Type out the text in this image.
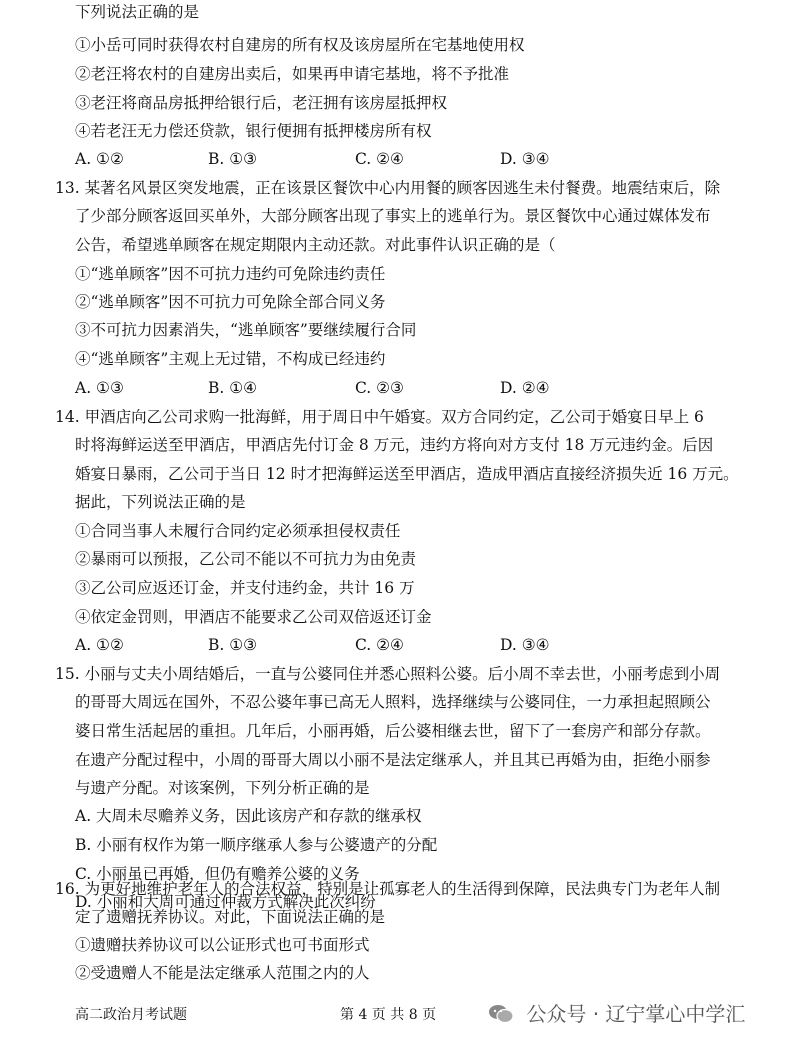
下列说法正确的是
①小岳可同时获得农村自建房的所有权及该房屋所在宅基地使用权
②老汪将农村的自建房出卖后，如果再申请宅基地，将不予批准
③老汪将商品房抵押给银行后，老汪拥有该房屋抵押权
④若老汪无力偿还贷款，银行便拥有抵押楼房所有权
A. ①②	B. ①③	C. ②④	D. ③④
13. 某著名风景区突发地震，正在该景区餐饮中心内用餐的顾客因逃生未付餐费。地震结束后，除
了少部分顾客返回买单外，大部分顾客出现了事实上的逃单行为。景区餐饮中心通过媒体发布
公告，希望逃单顾客在规定期限内主动还款。对此事件认识正确的是（
①“逃单顾客”因不可抗力违约可免除违约责任
②“逃单顾客”因不可抗力可免除全部合同义务
③不可抗力因素消失，“逃单顾客”要继续履行合同
④“逃单顾客”主观上无过错，不构成已经违约
A. ①③	B. ①④	C. ②③	D. ②④
14. 甲酒店向乙公司求购一批海鲜，用于周日中午婚宴。双方合同约定，乙公司于婚宴日早上 6
时将海鲜运送至甲酒店，甲酒店先付订金 8 万元，违约方将向对方支付 18 万元违约金。后因
婚宴日暴雨，乙公司于当日 12 时才把海鲜运送至甲酒店，造成甲酒店直接经济损失近 16 万元。
据此，下列说法正确的是
①合同当事人未履行合同约定必须承担侵权责任
②暴雨可以预报，乙公司不能以不可抗力为由免责
③乙公司应返还订金，并支付违约金，共计 16 万
④依定金罚则，甲酒店不能要求乙公司双倍返还订金
A. ①②	B. ①③	C. ②④	D. ③④
15. 小丽与丈夫小周结婚后，一直与公婆同住并悉心照料公婆。后小周不幸去世，小丽考虑到小周
的哥哥大周远在国外，不忍公婆年事已高无人照料，选择继续与公婆同住，一力承担起照顾公
婆日常生活起居的重担。几年后，小丽再婚，后公婆相继去世，留下了一套房产和部分存款。
在遗产分配过程中，小周的哥哥大周以小丽不是法定继承人，并且其已再婚为由，拒绝小丽参
与遗产分配。对该案例，下列分析正确的是
A. 大周未尽赡养义务，因此该房产和存款的继承权
B. 小丽有权作为第一顺序继承人参与公婆遗产的分配
C. 小丽虽已再婚，但仍有赡养公婆的义务
D. 小丽和大周可通过仲裁方式解决此次纠纷
16. 为更好地维护老年人的合法权益，特别是让孤寡老人的生活得到保障，民法典专门为老年人制
定了遗赠抚养协议。对此，下面说法正确的是
①遗赠扶养协议可以公证形式也可书面形式
高二政治月考试题	第 4 页 共 8 页	公众号 · 辽宁掌心中学汇
②受遗赠人不能是法定继承人范围之内的人
